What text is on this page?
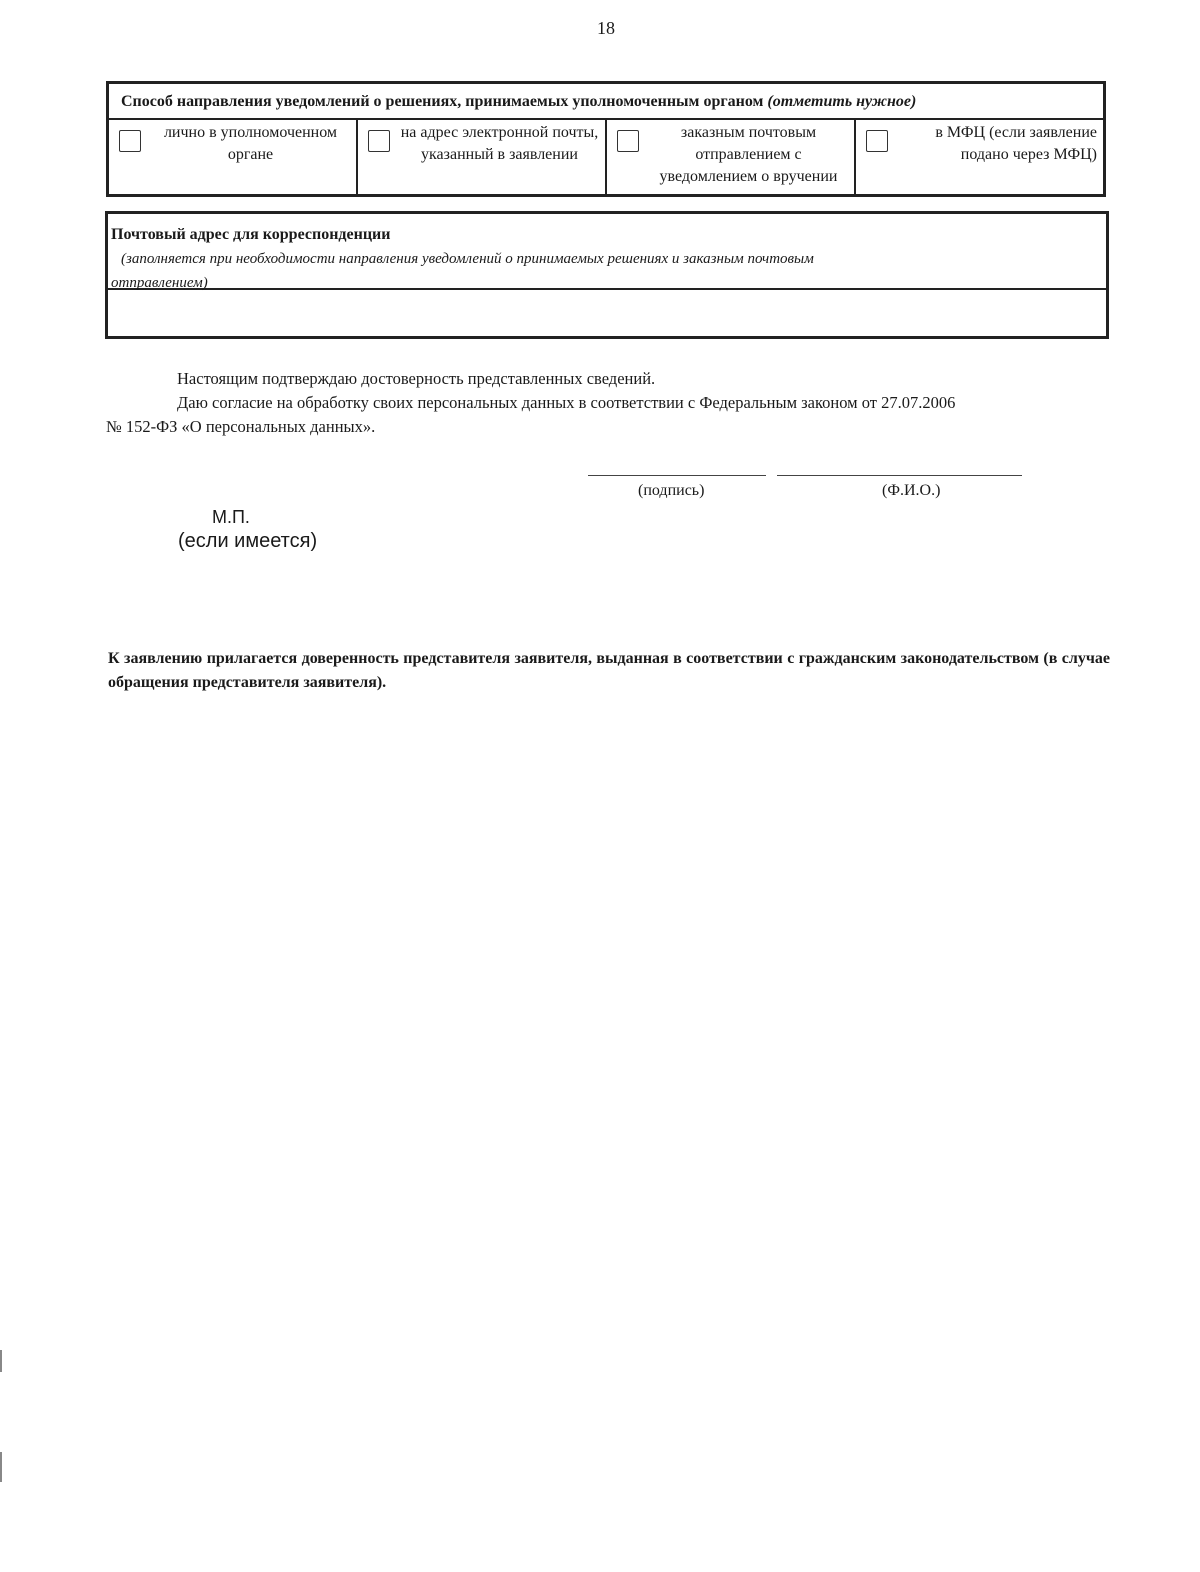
18
Способ направления уведомлений о решениях, принимаемых уполномоченным органом (отметить нужное)
лично в уполномоченном органе
на адрес электронной почты, указанный в заявлении
заказным почтовым отправлением с уведомлением о вручении
в МФЦ (если заявление подано через МФЦ)
Почтовый адрес для корреспонденции
(заполняется при необходимости направления уведомлений о принимаемых решениях и заказным почтовым
отправлением)
Настоящим подтверждаю достоверность представленных сведений.
Даю согласие на обработку своих персональных данных в соответствии с Федеральным законом от 27.07.2006
№ 152-ФЗ «О персональных данных».
(подпись)	(Ф.И.О.)
М.П.
(если имеется)
К заявлению прилагается доверенность представителя заявителя, выданная в соответствии с гражданским законодательством (в случае обращения представителя заявителя).
